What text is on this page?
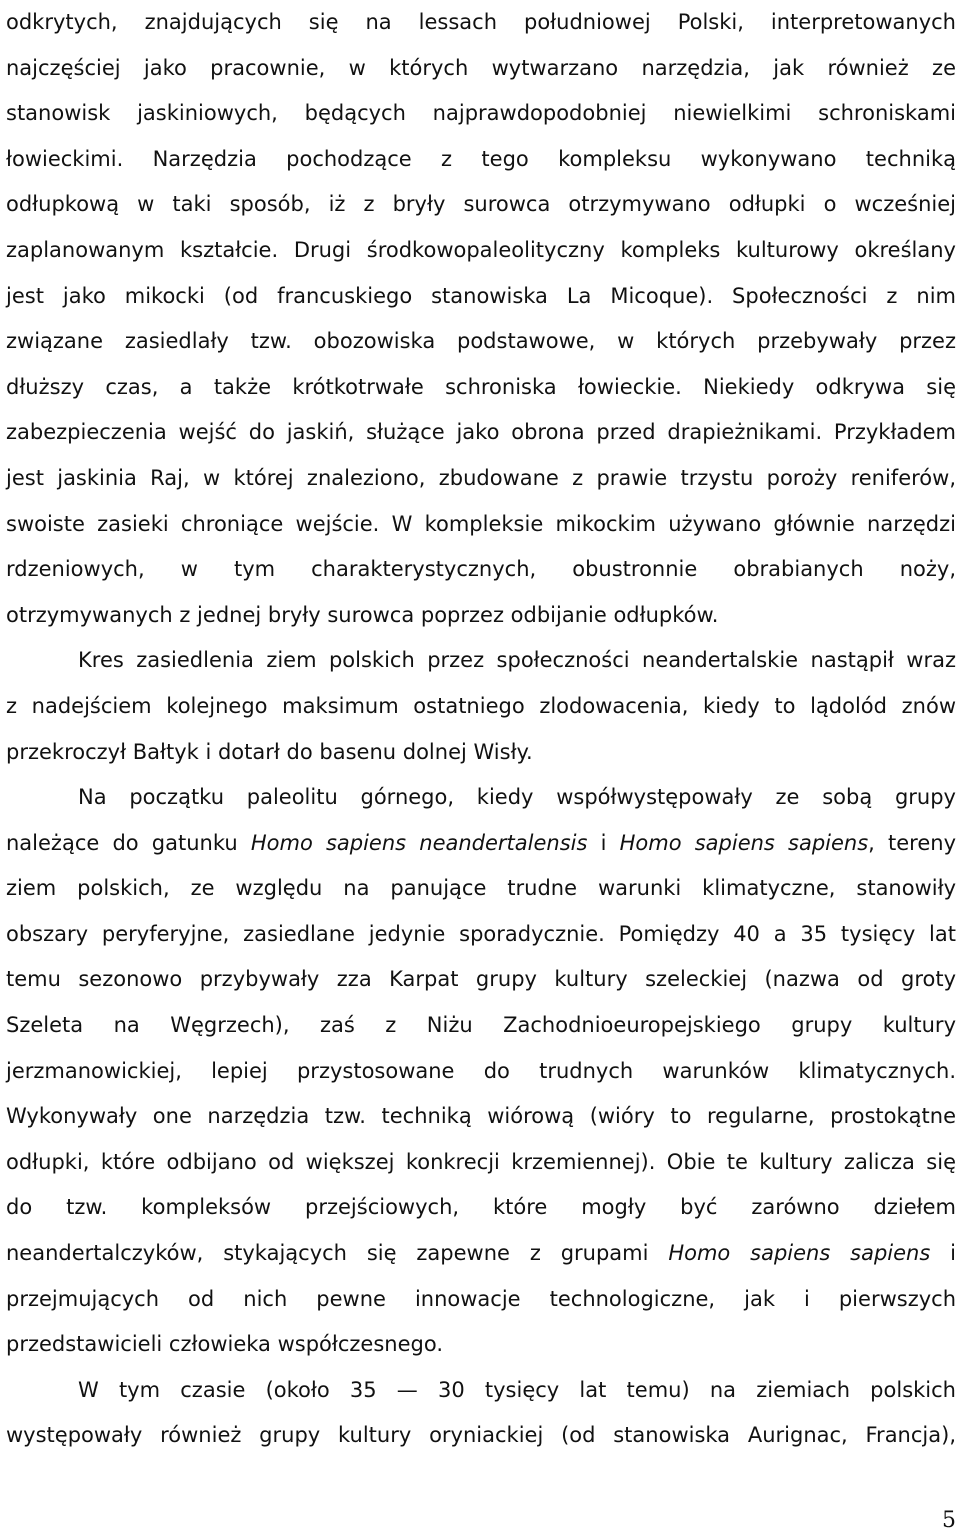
odkrytych, znajdujących się na lessach południowej Polski, interpretowanych
najczęściej jako pracownie, w których wytwarzano narzędzia, jak również ze
stanowisk jaskiniowych, będących najprawdopodobniej niewielkimi schroniskami
łowieckimi. Narzędzia pochodzące z tego kompleksu wykonywano techniką
odłupkową w taki sposób, iż z bryły surowca otrzymywano odłupki o wcześniej
zaplanowanym kształcie. Drugi środkowopaleolityczny kompleks kulturowy określany
jest jako mikocki (od francuskiego stanowiska La Micoque). Społeczności z nim
związane zasiedlały tzw. obozowiska podstawowe, w których przebywały przez
dłuższy czas, a także krótkotrwałe schroniska łowieckie. Niekiedy odkrywa się
zabezpieczenia wejść do jaskiń, służące jako obrona przed drapieżnikami. Przykładem
jest jaskinia Raj, w której znaleziono, zbudowane z prawie trzystu poroży reniferów,
swoiste zasieki chroniące wejście. W kompleksie mikockim używano głównie narzędzi
rdzeniowych, w tym charakterystycznych, obustronnie obrabianych noży,
otrzymywanych z jednej bryły surowca poprzez odbijanie odłupków.
Kres zasiedlenia ziem polskich przez społeczności neandertalskie nastąpił wraz
z nadejściem kolejnego maksimum ostatniego zlodowacenia, kiedy to lądolód znów
przekroczył Bałtyk i dotarł do basenu dolnej Wisły.
Na początku paleolitu górnego, kiedy współwystępowały ze sobą grupy
należące do gatunku Homo sapiens neandertalensis i Homo sapiens sapiens, tereny
ziem polskich, ze względu na panujące trudne warunki klimatyczne, stanowiły
obszary peryferyjne, zasiedlane jedynie sporadycznie. Pomiędzy 40 a 35 tysięcy lat
temu sezonowo przybywały zza Karpat grupy kultury szeleckiej (nazwa od groty
Szeleta na Węgrzech), zaś z Niżu Zachodnioeuropejskiego grupy kultury
jerzmanowickiej, lepiej przystosowane do trudnych warunków klimatycznych.
Wykonywały one narzędzia tzw. techniką wiórową (wióry to regularne, prostokątne
odłupki, które odbijano od większej konkrecji krzemiennej). Obie te kultury zalicza się
do tzw. kompleksów przejściowych, które mogły być zarówno dziełem
neandertalczyków, stykających się zapewne z grupami Homo sapiens sapiens i
przejmujących od nich pewne innowacje technologiczne, jak i pierwszych
przedstawicieli człowieka współczesnego.
W tym czasie (około 35 — 30 tysięcy lat temu) na ziemiach polskich
występowały również grupy kultury oryniackiej (od stanowiska Aurignac, Francja),
5
